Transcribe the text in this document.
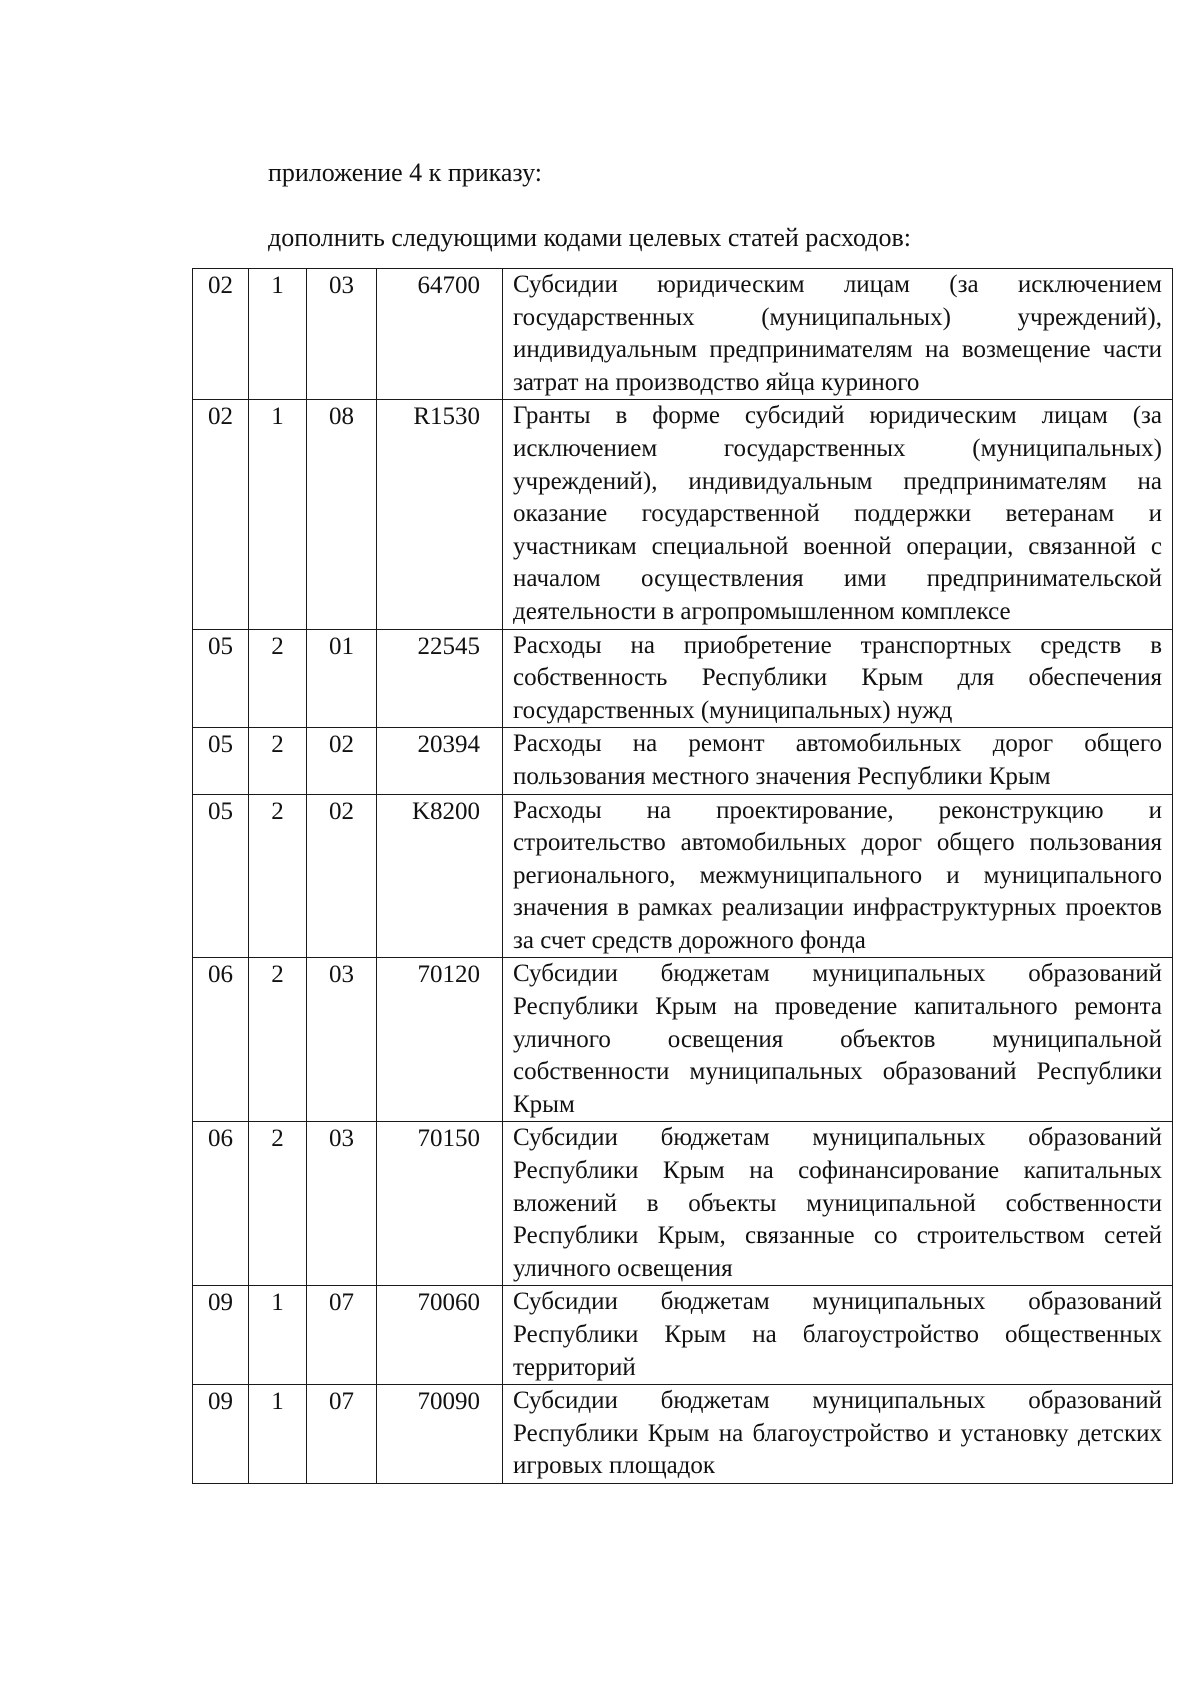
приложение 4 к приказу:
дополнить следующими кодами целевых статей расходов:
02	1	03	64700	Субсидии юридическим лицам (за исключением государственных (муниципальных) учреждений), индивидуальным предпринимателям на возмещение части затрат на производство яйца куриного
02	1	08	R1530	Гранты в форме субсидий юридическим лицам (за исключением государственных (муниципальных) учреждений), индивидуальным предпринимателям на оказание государственной поддержки ветеранам и участникам специальной военной операции, связанной с началом осуществления ими предпринимательской деятельности в агропромышленном комплексе
05	2	01	22545	Расходы на приобретение транспортных средств в собственность Республики Крым для обеспечения государственных (муниципальных) нужд
05	2	02	20394	Расходы на ремонт автомобильных дорог общего пользования местного значения Республики Крым
05	2	02	K8200	Расходы на проектирование, реконструкцию и строительство автомобильных дорог общего пользования регионального, межмуниципального и муниципального значения в рамках реализации инфраструктурных проектов за счет средств дорожного фонда
06	2	03	70120	Субсидии бюджетам муниципальных образований Республики Крым на проведение капитального ремонта уличного освещения объектов муниципальной собственности муниципальных образований Республики Крым
06	2	03	70150	Субсидии бюджетам муниципальных образований Республики Крым на софинансирование капитальных вложений в объекты муниципальной собственности Республики Крым, связанные со строительством сетей уличного освещения
09	1	07	70060	Субсидии бюджетам муниципальных образований Республики Крым на благоустройство общественных территорий
09	1	07	70090	Субсидии бюджетам муниципальных образований Республики Крым на благоустройство и установку детских игровых площадок
